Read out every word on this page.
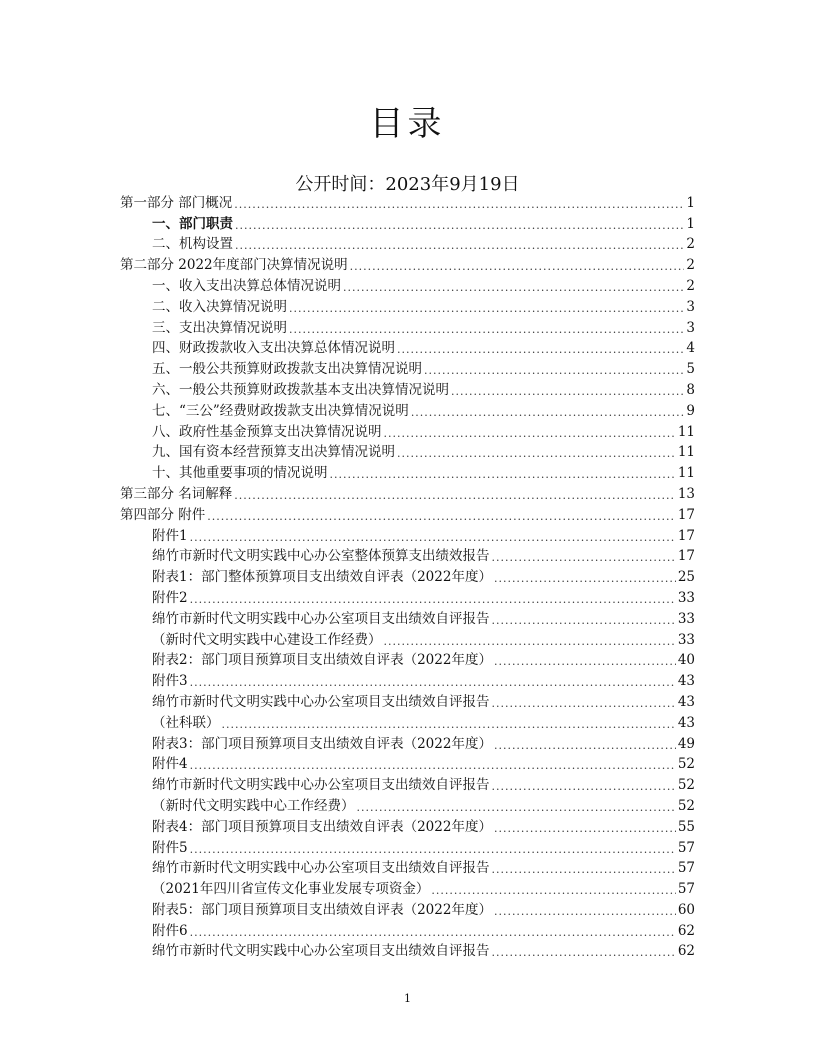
目录
公开时间：2023年9月19日
第一部分 部门概况 .....	1
一、部门职责 .....	1
二、机构设置 .....	2
第二部分 2022年度部门决算情况说明 .....	2
一、收入支出决算总体情况说明 .....	2
二、收入决算情况说明 .....	3
三、支出决算情况说明 .....	3
四、财政拨款收入支出决算总体情况说明 .....	4
五、一般公共预算财政拨款支出决算情况说明 .....	5
六、一般公共预算财政拨款基本支出决算情况说明 .....	8
七、“三公”经费财政拨款支出决算情况说明 .....	9
八、政府性基金预算支出决算情况说明 .....	11
九、国有资本经营预算支出决算情况说明 .....	11
十、其他重要事项的情况说明 .....	11
第三部分 名词解释 .....	13
第四部分 附件 .....	17
附件1 .....	17
绵竹市新时代文明实践中心办公室整体预算支出绩效报告 .....	17
附表1：部门整体预算项目支出绩效自评表（2022年度） .....	25
附件2 .....	33
绵竹市新时代文明实践中心办公室项目支出绩效自评报告 .....	33
（新时代文明实践中心建设工作经费） .....	33
附表2：部门项目预算项目支出绩效自评表（2022年度） .....	40
附件3 .....	43
绵竹市新时代文明实践中心办公室项目支出绩效自评报告 .....	43
（社科联） .....	43
附表3：部门项目预算项目支出绩效自评表（2022年度） .....	49
附件4 .....	52
绵竹市新时代文明实践中心办公室项目支出绩效自评报告 .....	52
（新时代文明实践中心工作经费） .....	52
附表4：部门项目预算项目支出绩效自评表（2022年度） .....	55
附件5 .....	57
绵竹市新时代文明实践中心办公室项目支出绩效自评报告 .....	57
（2021年四川省宣传文化事业发展专项资金） .....	57
附表5：部门项目预算项目支出绩效自评表（2022年度） .....	60
附件6 .....	62
绵竹市新时代文明实践中心办公室项目支出绩效自评报告 .....	62
1
